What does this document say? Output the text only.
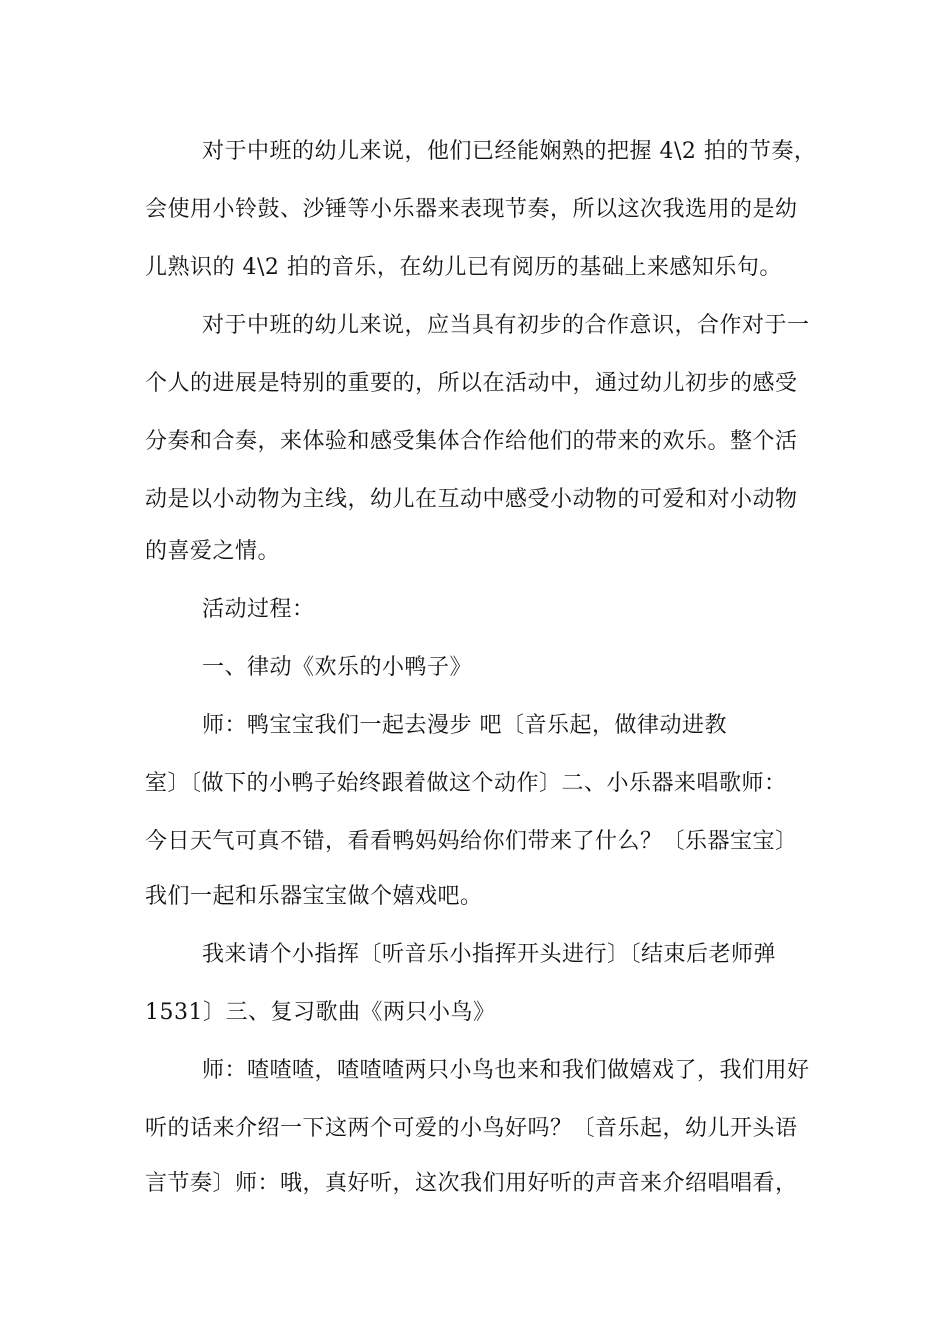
对于中班的幼儿来说，他们已经能娴熟的把握 4\2 拍的节奏，
会使用小铃鼓、沙锤等小乐器来表现节奏，所以这次我选用的是幼
儿熟识的 4\2 拍的音乐，在幼儿已有阅历的基础上来感知乐句。
对于中班的幼儿来说，应当具有初步的合作意识，合作对于一
个人的进展是特别的重要的，所以在活动中，通过幼儿初步的感受
分奏和合奏，来体验和感受集体合作给他们的带来的欢乐。整个活
动是以小动物为主线，幼儿在互动中感受小动物的可爱和对小动物
的喜爱之情。
活动过程：
一、律动《欢乐的小鸭子》
师：鸭宝宝我们一起去漫步 吧〔音乐起，做律动进教
室〕〔做下的小鸭子始终跟着做这个动作〕二、小乐器来唱歌师：
今日天气可真不错，看看鸭妈妈给你们带来了什么？〔乐器宝宝〕
我们一起和乐器宝宝做个嬉戏吧。
我来请个小指挥〔听音乐小指挥开头进行〕〔结束后老师弹
1531〕三、复习歌曲《两只小鸟》
师：喳喳喳，喳喳喳两只小鸟也来和我们做嬉戏了，我们用好
听的话来介绍一下这两个可爱的小鸟好吗？〔音乐起，幼儿开头语
言节奏〕师：哦，真好听，这次我们用好听的声音来介绍唱唱看，
